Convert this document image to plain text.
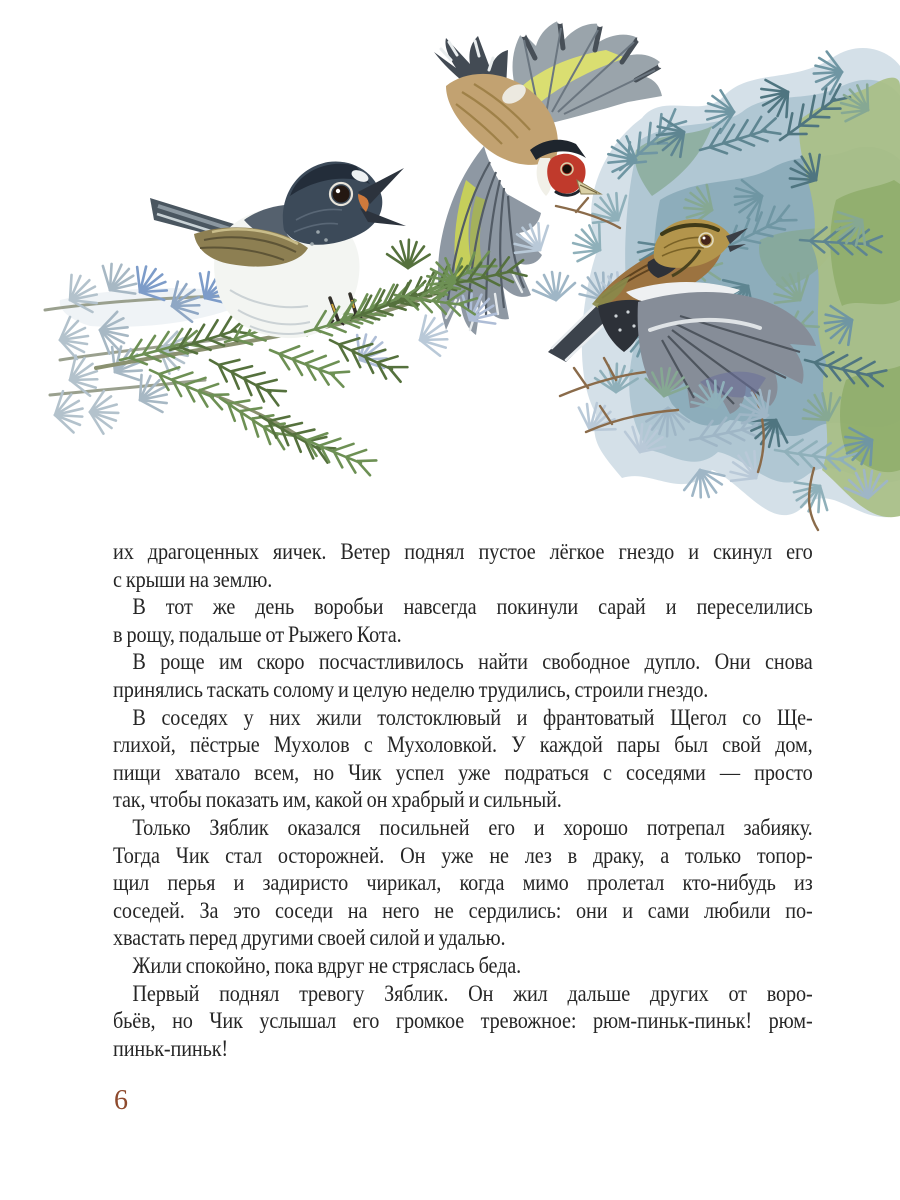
их драгоценных яичек. Ветер поднял пустое лёгкое гнездо и скинул его
с крыши на землю.
В тот же день воробьи навсегда покинули сарай и переселились
в рощу, подальше от Рыжего Кота.
В роще им скоро посчастливилось найти свободное дупло. Они снова
принялись таскать солому и целую неделю трудились, строили гнездо.
В соседях у них жили толстоклювый и франтоватый Щегол со Ще-
глихой, пёстрые Мухолов с Мухоловкой. У каждой пары был свой дом,
пищи хватало всем, но Чик успел уже подраться с соседями — просто
так, чтобы показать им, какой он храбрый и сильный.
Только Зяблик оказался посильней его и хорошо потрепал забияку.
Тогда Чик стал осторожней. Он уже не лез в драку, а только топор-
щил перья и задиристо чирикал, когда мимо пролетал кто-нибудь из
соседей. За это соседи на него не сердились: они и сами любили по-
хвастать перед другими своей силой и удалью.
Жили спокойно, пока вдруг не стряслась беда.
Первый поднял тревогу Зяблик. Он жил дальше других от воро-
бьёв, но Чик услышал его громкое тревожное: рюм-пиньк-пиньк! рюм-
пиньк-пиньк!
6
